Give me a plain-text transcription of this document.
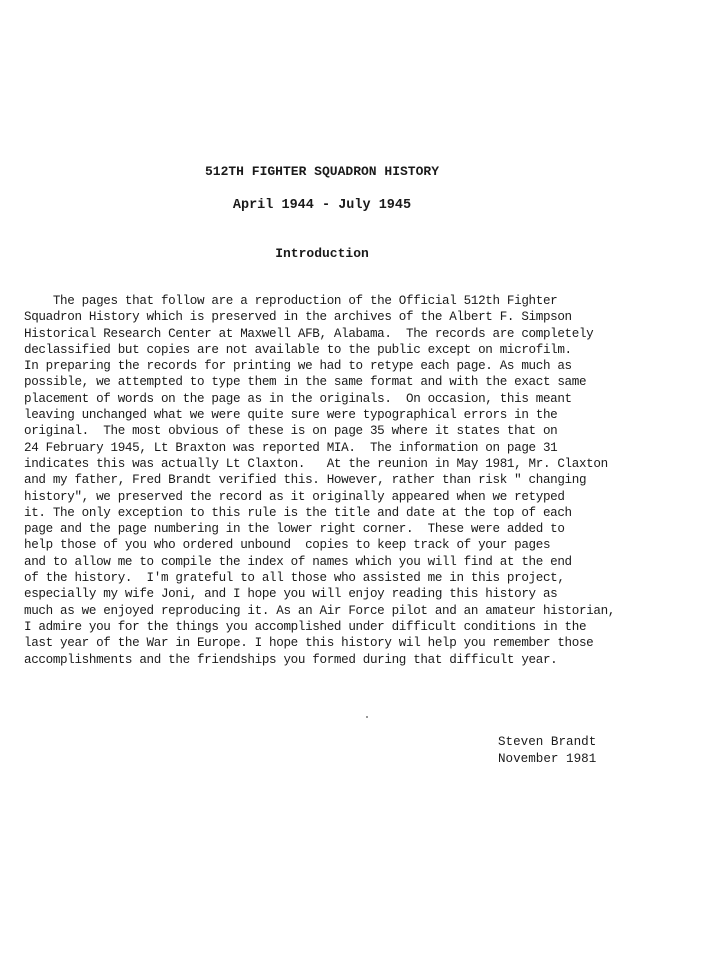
512TH FIGHTER SQUADRON HISTORY
April 1944 - July 1945
Introduction
The pages that follow are a reproduction of the Official 512th Fighter
Squadron History which is preserved in the archives of the Albert F. Simpson
Historical Research Center at Maxwell AFB, Alabama.  The records are completely
declassified but copies are not available to the public except on microfilm.
In preparing the records for printing we had to retype each page. As much as
possible, we attempted to type them in the same format and with the exact same
placement of words on the page as in the originals.  On occasion, this meant
leaving unchanged what we were quite sure were typographical errors in the
original.  The most obvious of these is on page 35 where it states that on
24 February 1945, Lt Braxton was reported MIA.  The information on page 31
indicates this was actually Lt Claxton.   At the reunion in May 1981, Mr. Claxton
and my father, Fred Brandt verified this. However, rather than risk " changing
history", we preserved the record as it originally appeared when we retyped
it. The only exception to this rule is the title and date at the top of each
page and the page numbering in the lower right corner.  These were added to
help those of you who ordered unbound  copies to keep track of your pages
and to allow me to compile the index of names which you will find at the end
of the history.  I'm grateful to all those who assisted me in this project,
especially my wife Joni, and I hope you will enjoy reading this history as
much as we enjoyed reproducing it. As an Air Force pilot and an amateur historian,
I admire you for the things you accomplished under difficult conditions in the
last year of the War in Europe. I hope this history wil help you remember those
accomplishments and the friendships you formed during that difficult year.
Steven Brandt
November 1981
